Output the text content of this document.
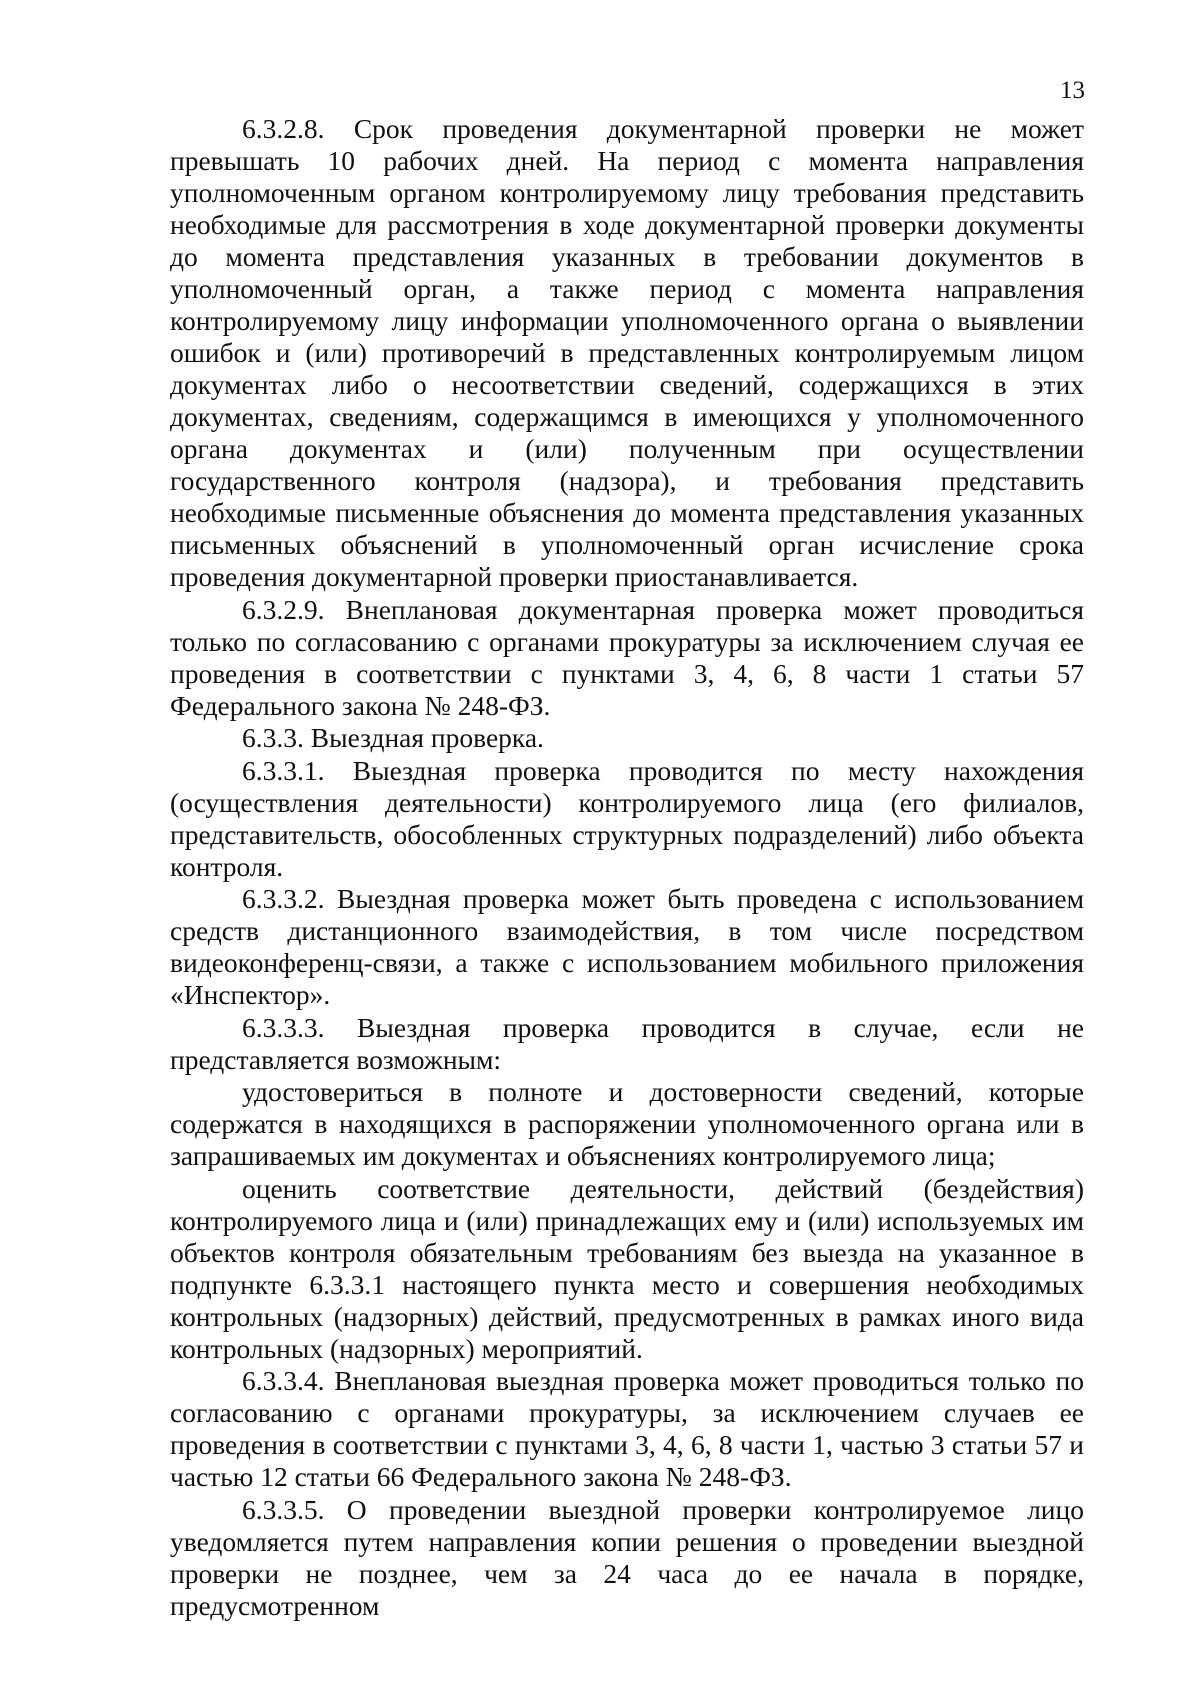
13

6.3.2.8. Срок проведения документарной проверки не может превышать 10 рабочих дней. На период с момента направления уполномоченным органом контролируемому лицу требования представить необходимые для рассмотрения в ходе документарной проверки документы до момента представления указанных в требовании документов в уполномоченный орган, а также период с момента направления контролируемому лицу информации уполномоченного органа о выявлении ошибок и (или) противоречий в представленных контролируемым лицом документах либо о несоответствии сведений, содержащихся в этих документах, сведениям, содержащимся в имеющихся у уполномоченного органа документах и (или) полученным при осуществлении государственного контроля (надзора), и требования представить необходимые письменные объяснения до момента представления указанных письменных объяснений в уполномоченный орган исчисление срока проведения документарной проверки приостанавливается.

6.3.2.9. Внеплановая документарная проверка может проводиться только по согласованию с органами прокуратуры за исключением случая ее проведения в соответствии с пунктами 3, 4, 6, 8 части 1 статьи 57 Федерального закона № 248-ФЗ.

6.3.3. Выездная проверка.

6.3.3.1. Выездная проверка проводится по месту нахождения (осуществления деятельности) контролируемого лица (его филиалов, представительств, обособленных структурных подразделений) либо объекта контроля.

6.3.3.2. Выездная проверка может быть проведена с использованием средств дистанционного взаимодействия, в том числе посредством видеоконференц-связи, а также с использованием мобильного приложения «Инспектор».

6.3.3.3. Выездная проверка проводится в случае, если не представляется возможным:

удостовериться в полноте и достоверности сведений, которые содержатся в находящихся в распоряжении уполномоченного органа или в запрашиваемых им документах и объяснениях контролируемого лица;

оценить соответствие деятельности, действий (бездействия) контролируемого лица и (или) принадлежащих ему и (или) используемых им объектов контроля обязательным требованиям без выезда на указанное в подпункте 6.3.3.1 настоящего пункта место и совершения необходимых контрольных (надзорных) действий, предусмотренных в рамках иного вида контрольных (надзорных) мероприятий.

6.3.3.4. Внеплановая выездная проверка может проводиться только по согласованию с органами прокуратуры, за исключением случаев ее проведения в соответствии с пунктами 3, 4, 6, 8 части 1, частью 3 статьи 57 и частью 12 статьи 66 Федерального закона № 248-ФЗ.

6.3.3.5. О проведении выездной проверки контролируемое лицо уведомляется путем направления копии решения о проведении выездной проверки не позднее, чем за 24 часа до ее начала в порядке, предусмотренном
